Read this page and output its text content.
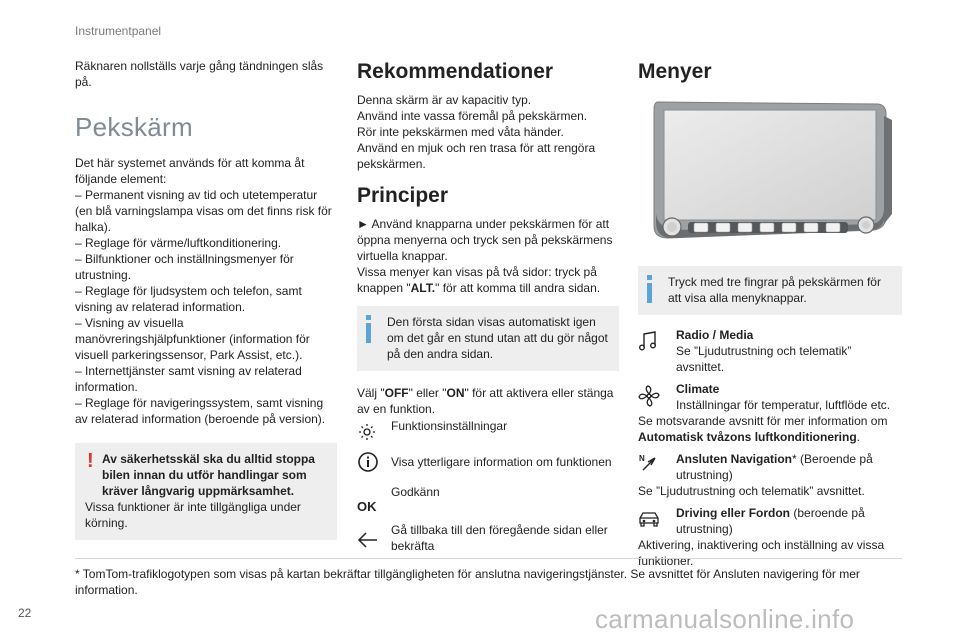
Instrumentpanel

Räknaren nollställs varje gång tändningen slås på.

Pekskärm

Det här systemet används för att komma åt följande element:

– Permanent visning av tid och utetemperatur (en blå varningslampa visas om det finns risk för halka).

– Reglage för värme/luftkonditionering.

– Bilfunktioner och inställningsmenyer för utrustning.

– Reglage för ljudsystem och telefon, samt visning av relaterad information.

– Visning av visuella manövreringshjälpfunktioner (information för visuell parkeringssensor, Park Assist, etc.).

– Internettjänster samt visning av relaterad information.

– Reglage för navigeringssystem, samt visning av relaterad information (beroende på version).

! Av säkerhetsskäl ska du alltid stoppa bilen innan du utför handlingar som kräver långvarig uppmärksamhet.

Vissa funktioner är inte tillgängliga under körning.

Rekommendationer

Denna skärm är av kapacitiv typ.

Använd inte vassa föremål på pekskärmen.

Rör inte pekskärmen med våta händer.

Använd en mjuk och ren trasa för att rengöra pekskärmen.

Principer

► Använd knapparna under pekskärmen för att öppna menyerna och tryck sen på pekskärmens virtuella knappar.

Vissa menyer kan visas på två sidor: tryck på knappen "ALT." för att komma till andra sidan.

Den första sidan visas automatiskt igen om det går en stund utan att du gör något på den andra sidan.

Välj "OFF" eller "ON" för att aktivera eller stänga av en funktion.

Funktionsinställningar

Visa ytterligare information om funktionen

OK

Godkänn

Gå tillbaka till den föregående sidan eller bekräfta

Menyer

Tryck med tre fingrar på pekskärmen för att visa alla menyknappar.

Radio / Media

Se ”Ljudutrustning och telematik” avsnittet.

Climate

Inställningar för temperatur, luftflöde etc.

Se motsvarande avsnitt för mer information om

Automatisk tvåzons luftkonditionering.

N	Ansluten Navigation* (Beroende på utrustning)

Se ”Ljudutrustning och telematik” avsnittet.

Driving eller Fordon (beroende på utrustning)

Aktivering, inaktivering och inställning av vissa funktioner.

* TomTom-trafiklogotypen som visas på kartan bekräftar tillgängligheten för anslutna navigeringstjänster. Se avsnittet för Ansluten navigering för mer information.

22	carmanualsonline.info
